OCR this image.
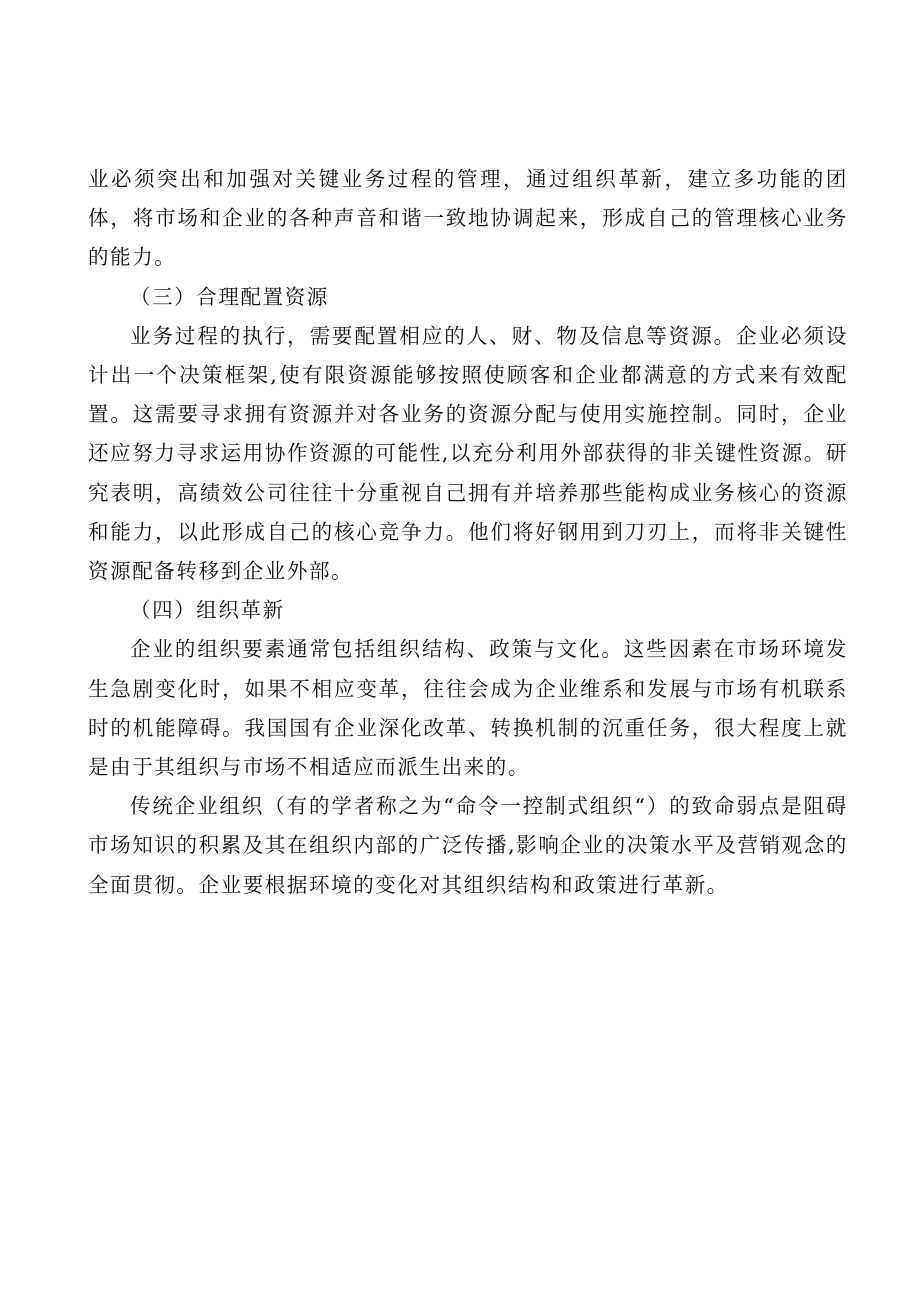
业必须突出和加强对关键业务过程的管理，通过组织革新，建立多功能的团体，将市场和企业的各种声音和谐一致地协调起来，形成自己的管理核心业务的能力。

（三）合理配置资源

业务过程的执行，需要配置相应的人、财、物及信息等资源。企业必须设计出一个决策框架,使有限资源能够按照使顾客和企业都满意的方式来有效配置。这需要寻求拥有资源并对各业务的资源分配与使用实施控制。同时，企业还应努力寻求运用协作资源的可能性,以充分利用外部获得的非关键性资源。研究表明，高绩效公司往往十分重视自己拥有并培养那些能构成业务核心的资源和能力，以此形成自己的核心竞争力。他们将好钢用到刀刃上，而将非关键性资源配备转移到企业外部。

（四）组织革新

企业的组织要素通常包括组织结构、政策与文化。这些因素在市场环境发生急剧变化时，如果不相应变革，往往会成为企业维系和发展与市场有机联系时的机能障碍。我国国有企业深化改革、转换机制的沉重任务，很大程度上就是由于其组织与市场不相适应而派生出来的。

传统企业组织（有的学者称之为“命令一控制式组织“）的致命弱点是阻碍市场知识的积累及其在组织内部的广泛传播,影响企业的决策水平及营销观念的全面贯彻。企业要根据环境的变化对其组织结构和政策进行革新。
